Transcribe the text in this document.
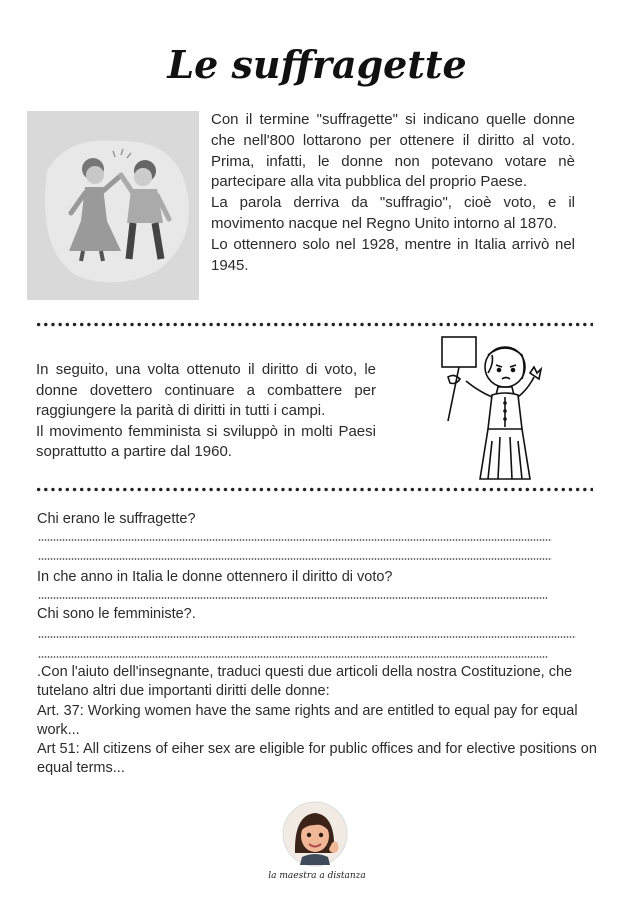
Le suffragette

Con il termine "suffragette" si indicano quelle donne che nell'800 lottarono per ottenere il diritto al voto. Prima, infatti, le donne non potevano votare nè partecipare alla vita pubblica del proprio Paese.

La parola derriva da "suffragio", cioè voto, e il movimento nacque nel Regno Unito intorno al 1870.

Lo ottennero solo nel 1928, mentre in Italia arrivò nel 1945.

In seguito, una volta ottenuto il diritto di voto, le donne dovettero continuare a combattere per raggiungere la parità di diritti in tutti i campi.

Il movimento femminista si sviluppò in molti Paesi soprattutto a partire dal 1960.

Chi erano le suffragette?
In che anno in Italia le donne ottennero il diritto di voto?
Chi sono le femministe?.

.Con l'aiuto dell'insegnante, traduci questi due articoli della nostra Costituzione, che tutelano altri due importanti diritti delle donne:

Art. 37: Working women have the same rights and are entitled to equal pay for equal work...

Art 51: All citizens of eiher sex are eligible for public offices and for elective positions on equal terms...

la maestra a distanza
